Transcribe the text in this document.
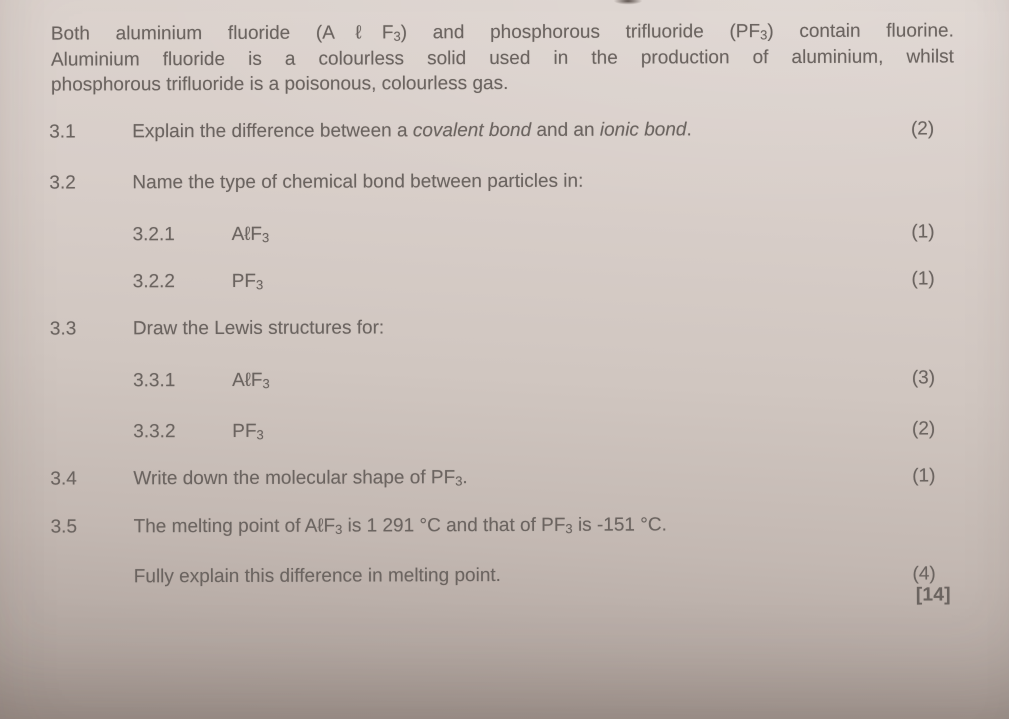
Both aluminium fluoride (AℓF$_3$) and phosphorous trifluoride $(PF_3)$ contain fluorine.
Aluminium fluoride is a colourless solid used in the production of aluminium, whilst
phosphorous trifluoride is a poisonous, colourless gas.
3.1	Explain the difference between a covalent bond and an ionic bond.	(2)
3.2	Name the type of chemical bond between particles in:
3.2.1	AℓF$_3$	(1)
3.2.2	$PF_3$	(1)
3.3	Draw the Lewis structures for:
3.3.1	AℓF$_3$	(3)
3.3.2	$PF_3$	(2)
3.4	Write down the molecular shape of $PF_3$.	(1)
3.5	The melting point of AℓF$_3$ is 1 291 °C and that of $PF_3$ is -151 °C.
Fully explain this difference in melting point.	(4)
[14]
